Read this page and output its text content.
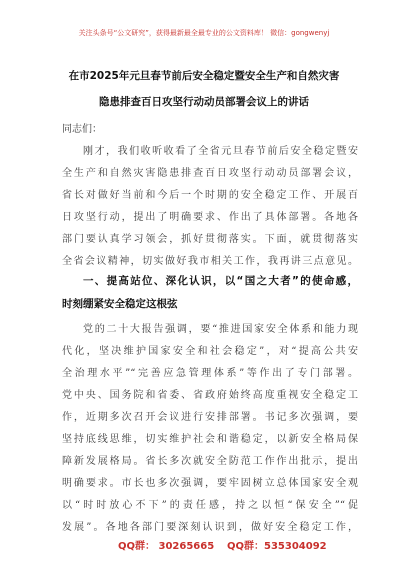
关注头条号“公文研究”，获得最新最全最专业的公文资料库！ 微信：gongwenyj
在市2025年元旦春节前后安全稳定暨安全生产和自然灾害
隐患排查百日攻坚行动动员部署会议上的讲话
同志们：
刚才，我们收听收看了全省元旦春节前后安全稳定暨安
全生产和自然灾害隐患排查百日攻坚行动动员部署会议，
省长对做好当前和今后一个时期的安全稳定工作、开展百
日攻坚行动，提出了明确要求、作出了具体部署。各地各
部门要认真学习领会，抓好贯彻落实。下面，就贯彻落实
全省会议精神，切实做好我市相关工作，我再讲三点意见。
一、提高站位、深化认识，以“国之大者”的使命感，
时刻绷紧安全稳定这根弦
党的二十大报告强调，要“推进国家安全体系和能力现
代化，坚决维护国家安全和社会稳定”，对“提高公共安
全治理水平”“完善应急管理体系”等作出了专门部署。
党中央、国务院和省委、省政府始终高度重视安全稳定工
作，近期多次召开会议进行安排部署。书记多次强调，要
坚持底线思维，切实维护社会和谐稳定，以新安全格局保
障新发展格局。省长多次就安全防范工作作出批示，提出
明确要求。市长也多次强调，要牢固树立总体国家安全观
以“时时放心不下”的责任感，持之以恒“保安全”“促
发展”。各地各部门要深刻认识到，做好安全稳定工作，
QQ群： 30265665 QQ群：535304092
